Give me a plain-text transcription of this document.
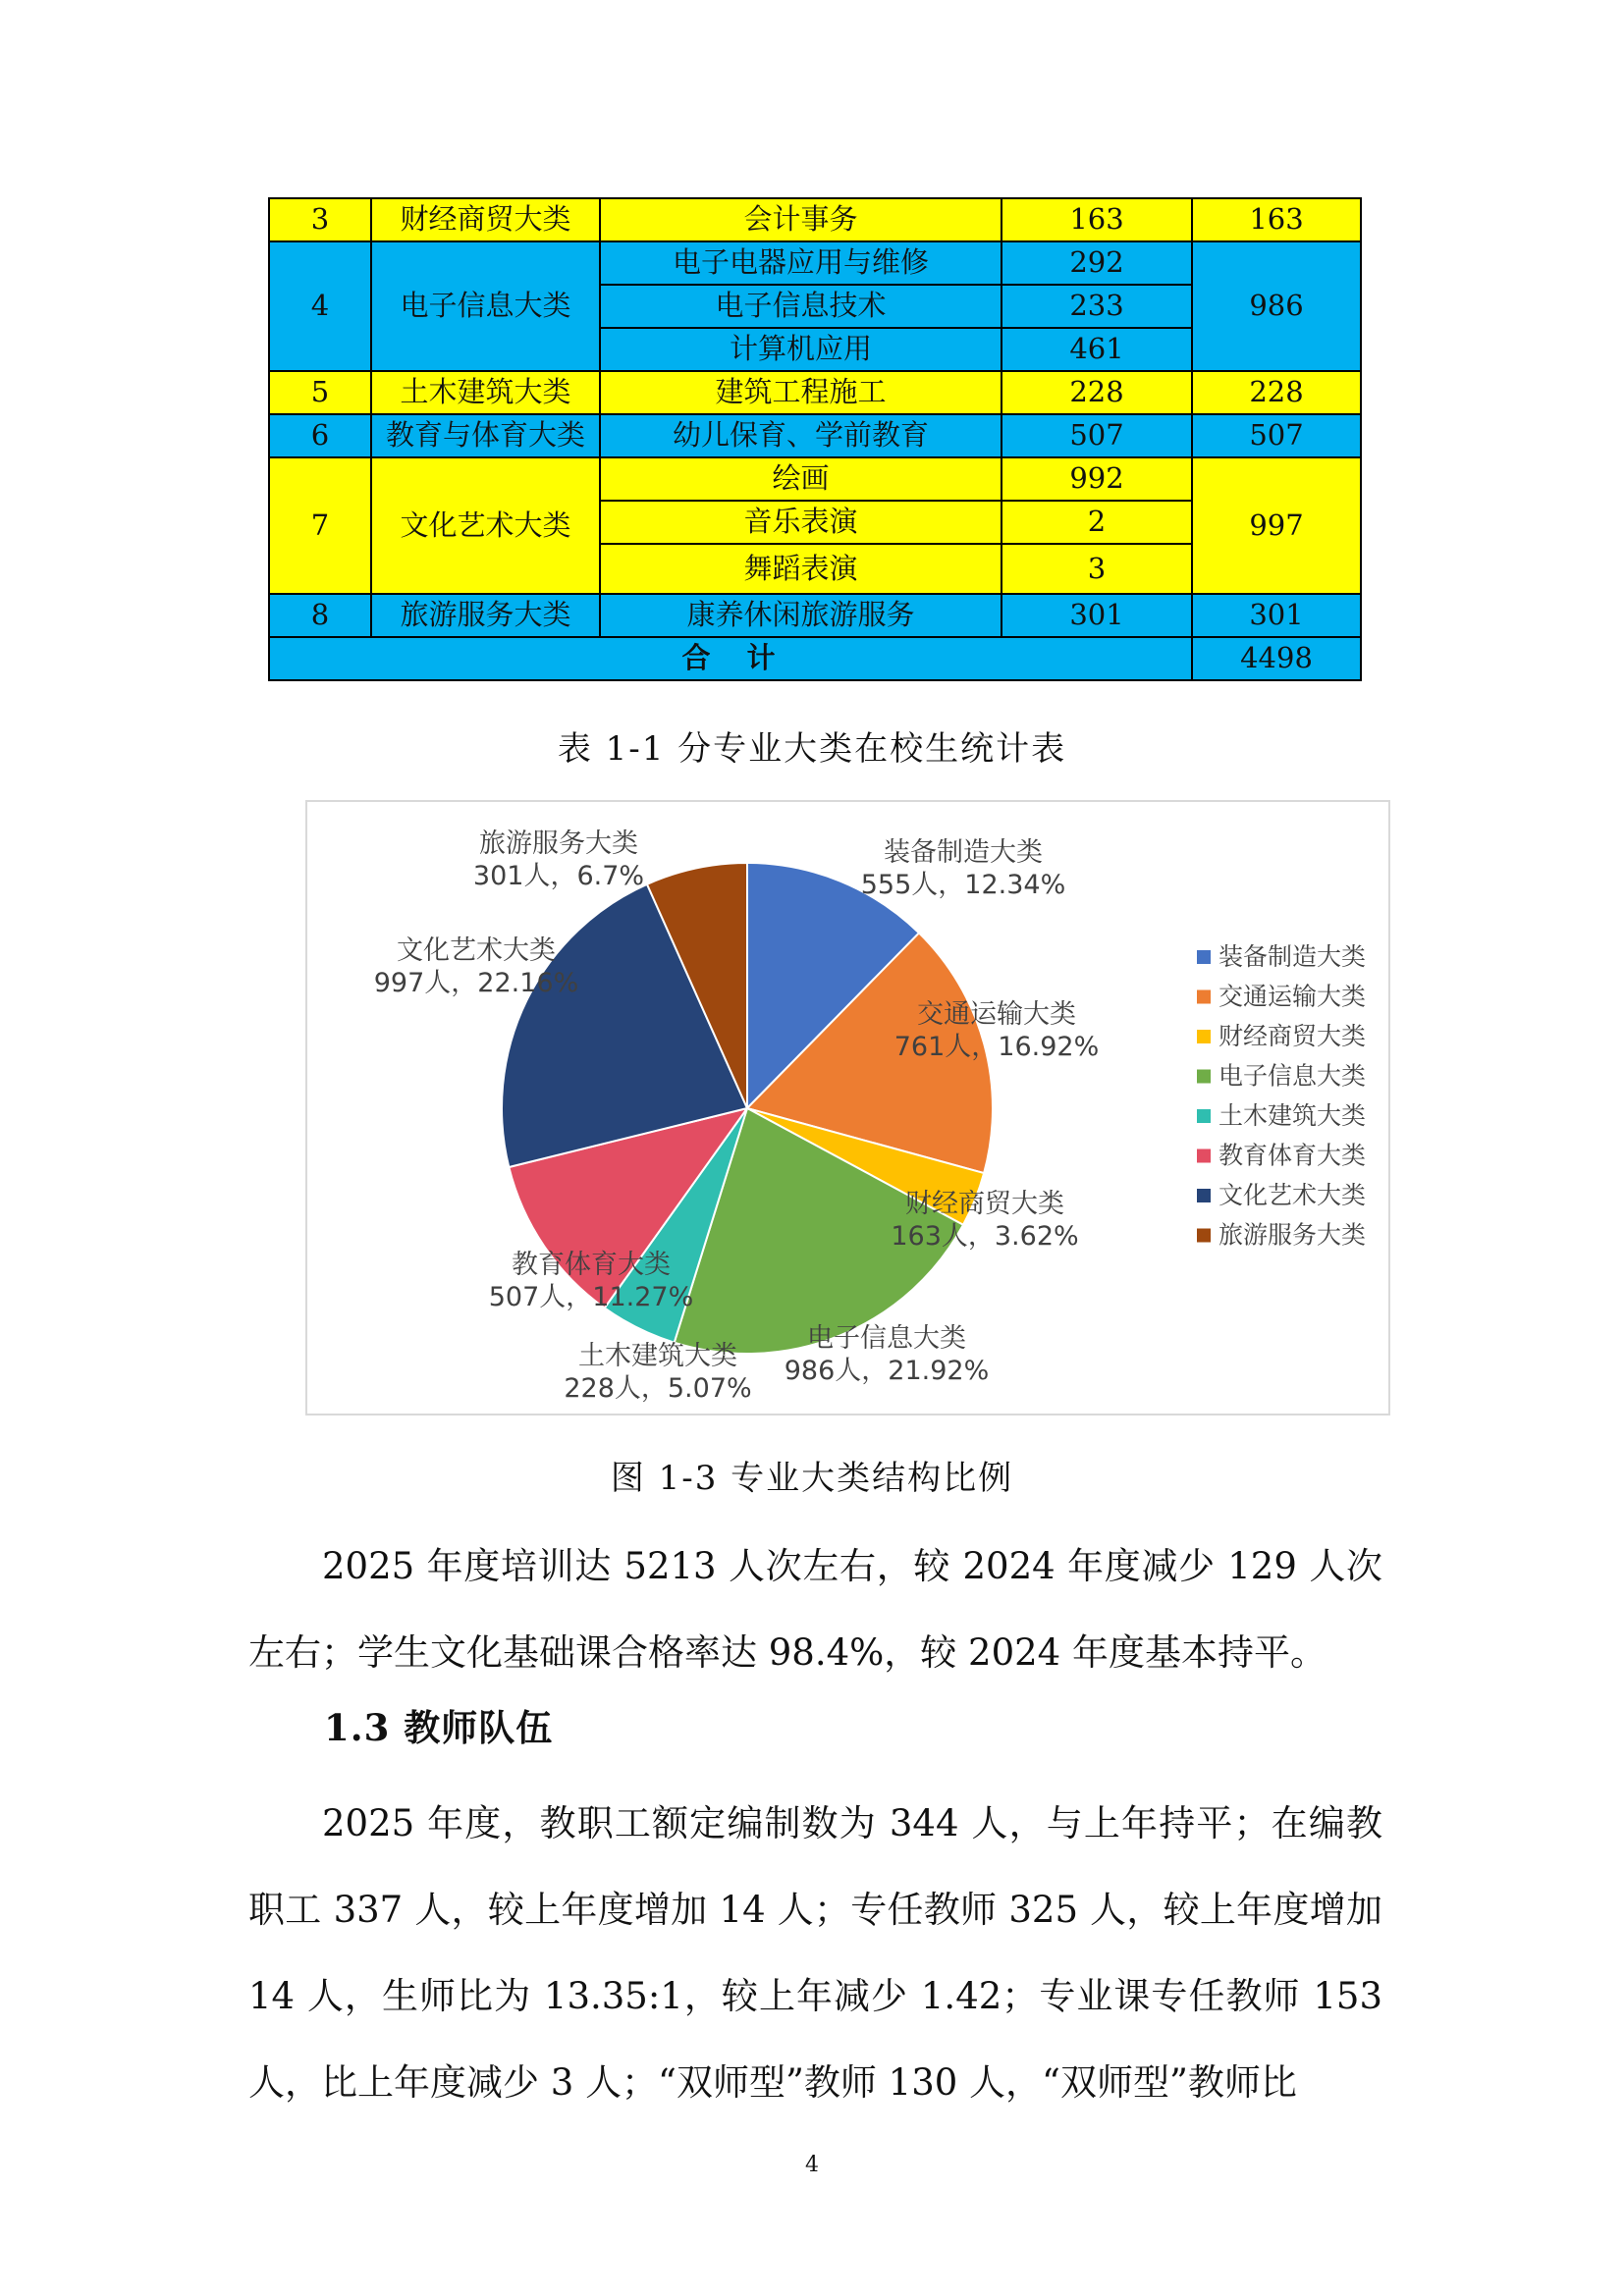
3	财经商贸大类	会计事务	163	163
4	电子信息大类	电子电器应用与维修	292	986
		电子信息技术	233	
		计算机应用	461	
5	土木建筑大类	建筑工程施工	228	228
6	教育与体育大类	幼儿保育、学前教育	507	507
7	文化艺术大类	绘画	992	997
		音乐表演	2	
		舞蹈表演	3	
8	旅游服务大类	康养休闲旅游服务	301	301
合　计				4498
表 1-1 分专业大类在校生统计表
装备制造大类
555人，12.34%
交通运输大类
761人，16.92%
财经商贸大类
163人，3.62%
电子信息大类
986人，21.92%
土木建筑大类
228人，5.07%
教育体育大类
507人，11.27%
文化艺术大类
997人，22.16%
旅游服务大类
301人，6.7%
装备制造大类
交通运输大类
财经商贸大类
电子信息大类
土木建筑大类
教育体育大类
文化艺术大类
旅游服务大类
图 1-3 专业大类结构比例
2025 年度培训达 5213 人次左右，较 2024 年度减少 129 人次左右；学生文化基础课合格率达 98.4%，较 2024 年度基本持平。
1.3 教师队伍
2025 年度，教职工额定编制数为 344 人，与上年持平；在编教职工 337 人，较上年度增加 14 人；专任教师 325 人，较上年度增加 14 人，生师比为 13.35:1，较上年减少 1.42；专业课专任教师 153 人，比上年度减少 3 人；“双师型”教师 130 人，“双师型”教师比
4
